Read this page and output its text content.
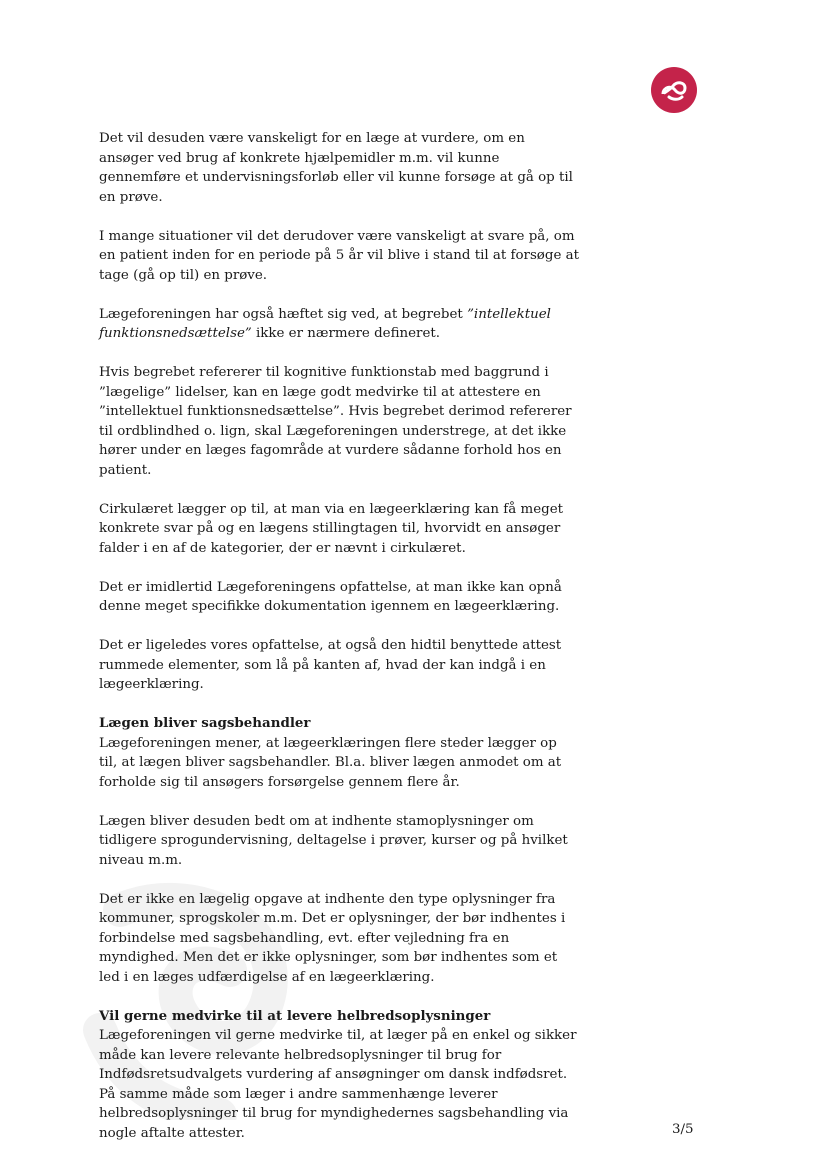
Det vil desuden være vanskeligt for en læge at vurdere, om en ansøger ved brug af konkrete hjælpemidler m.m. vil kunne gennemføre et undervisningsforløb eller vil kunne forsøge at gå op til en prøve.

I mange situationer vil det derudover være vanskeligt at svare på, om en patient inden for en periode på 5 år vil blive i stand til at forsøge at tage (gå op til) en prøve.

Lægeforeningen har også hæftet sig ved, at begrebet ”intellektuel funktionsnedsættelse” ikke er nærmere defineret.

Hvis begrebet refererer til kognitive funktionstab med baggrund i ”lægelige” lidelser, kan en læge godt medvirke til at attestere en ”intellektuel funktionsnedsættelse”. Hvis begrebet derimod refererer til ordblindhed o. lign, skal Lægeforeningen understrege, at det ikke hører under en læges fagområde at vurdere sådanne forhold hos en patient.

Cirkulæret lægger op til, at man via en lægeerklæring kan få meget konkrete svar på og en lægens stillingtagen til, hvorvidt en ansøger falder i en af de kategorier, der er nævnt i cirkulæret.

Det er imidlertid Lægeforeningens opfattelse, at man ikke kan opnå denne meget specifikke dokumentation igennem en lægeerklæring.

Det er ligeledes vores opfattelse, at også den hidtil benyttede attest rummede elementer, som lå på kanten af, hvad der kan indgå i en lægeerklæring.

Lægen bliver sagsbehandler

Lægeforeningen mener, at lægeerklæringen flere steder lægger op til, at lægen bliver sagsbehandler. Bl.a. bliver lægen anmodet om at forholde sig til ansøgers forsørgelse gennem flere år.

Lægen bliver desuden bedt om at indhente stamoplysninger om tidligere sprogundervisning, deltagelse i prøver, kurser og på hvilket niveau m.m.

Det er ikke en lægelig opgave at indhente den type oplysninger fra kommuner, sprogskoler m.m. Det er oplysninger, der bør indhentes i forbindelse med sagsbehandling, evt. efter vejledning fra en myndighed. Men det er ikke oplysninger, som bør indhentes som et led i en læges udfærdigelse af en lægeerklæring.

Vil gerne medvirke til at levere helbredsoplysninger

Lægeforeningen vil gerne medvirke til, at læger på en enkel og sikker måde kan levere relevante helbredsoplysninger til brug for Indfødsretsudvalgets vurdering af ansøgninger om dansk indfødsret. På samme måde som læger i andre sammenhænge leverer helbredsoplysninger til brug for myndighedernes sagsbehandling via nogle aftalte attester.	3/5
